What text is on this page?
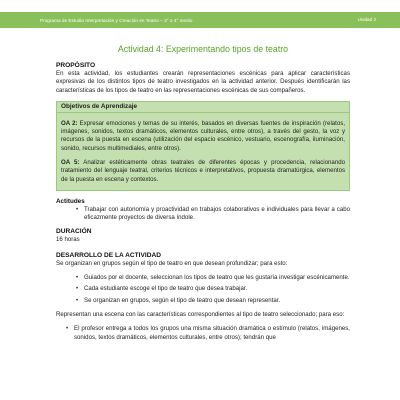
Programa de Estudio Interpretación y Creación en Teatro – 3° o 4° medio	Unidad 2
Actividad 4: Experimentando tipos de teatro

PROPÓSITO

En esta actividad, los estudiantes crearán representaciones escénicas para aplicar características expresivas de los distintos tipos de teatro investigados en la actividad anterior. Después identificarán las características de los tipos de teatro en las representaciones escénicas de sus compañeros.

Objetivos de Aprendizaje

OA 2: Expresar emociones y temas de su interés, basados en diversas fuentes de inspiración (relatos, imágenes, sonidos, textos dramáticos, elementos culturales, entre otros), a través del gesto, la voz y recursos de la puesta en escena (utilización del espacio escénico, vestuario, escenografía, iluminación, sonido, recursos multimediales, entre otros).

OA 5: Analizar estéticamente obras teatrales de diferentes épocas y procedencia, relacionando tratamiento del lenguaje teatral, criterios técnicos e interpretativos, propuesta dramatúrgica, elementos de la puesta en escena y contextos.

Actitudes

• Trabajar con autonomía y proactividad en trabajos colaborativos e individuales para llevar a cabo eficazmente proyectos de diversa índole.

DURACIÓN

16 horas

DESARROLLO DE LA ACTIVIDAD

Se organizan en grupos según el tipo de teatro en que desean profundizar; para esto:

• Guiados por el docente, seleccionan los tipos de teatro que les gustaría investigar escénicamente.
• Cada estudiante escoge el tipo de teatro que desea trabajar.
• Se organizan en grupos, según el tipo de teatro que desean representar.

Representan una escena con las características correspondientes al tipo de teatro seleccionado; para eso:

• El profesor entrega a todos los grupos una misma situación dramática o estímulo (relatos, imágenes, sonidos, textos dramáticos, elementos culturales, entre otros); tendrán que
